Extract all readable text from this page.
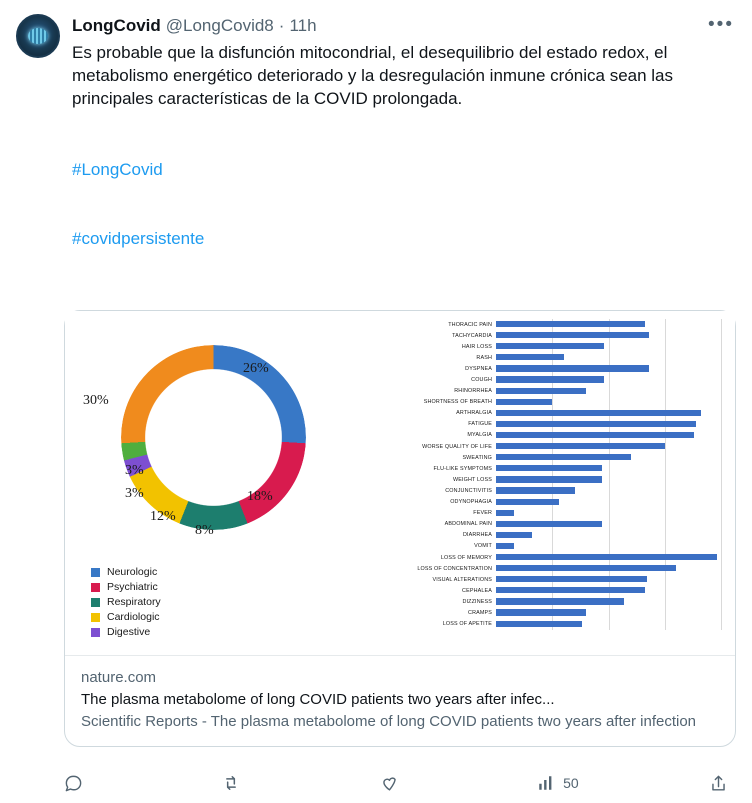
LongCovid @LongCovid8 · 11h
Es probable que la disfunción mitocondrial, el desequilibrio del estado redox, el metabolismo energético deteriorado y la desregulación inmune crónica sean las principales características de la COVID prolongada.

#LongCovid

#covidpersistente

•••
26%
18%
8%
12%
3%
3%
30%
Neurologic
Psychiatric
Respiratory
Cardiologic
Digestive
THORACIC PAIN
TACHYCARDIA
HAIR LOSS
RASH
DYSPNEA
COUGH
RHINORRHEA
SHORTNESS OF BREATH
ARTHRALGIA
FATIGUE
MYALGIA
WORSE QUALITY OF LIFE
SWEATING
FLU-LIKE SYMPTOMS
WEIGHT LOSS
CONJUNCTIVITIS
ODYNOPHAGIA
FEVER
ABDOMINAL PAIN
DIARRHEA
VOMIT
LOSS OF MEMORY
LOSS OF CONCENTRATION
VISUAL ALTERATIONS
CEPHALEA
DIZZINESS
CRAMPS
LOSS OF APETITE
nature.com
The plasma metabolome of long COVID patients two years after infec...
Scientific Reports - The plasma metabolome of long COVID patients two years after infection
50
